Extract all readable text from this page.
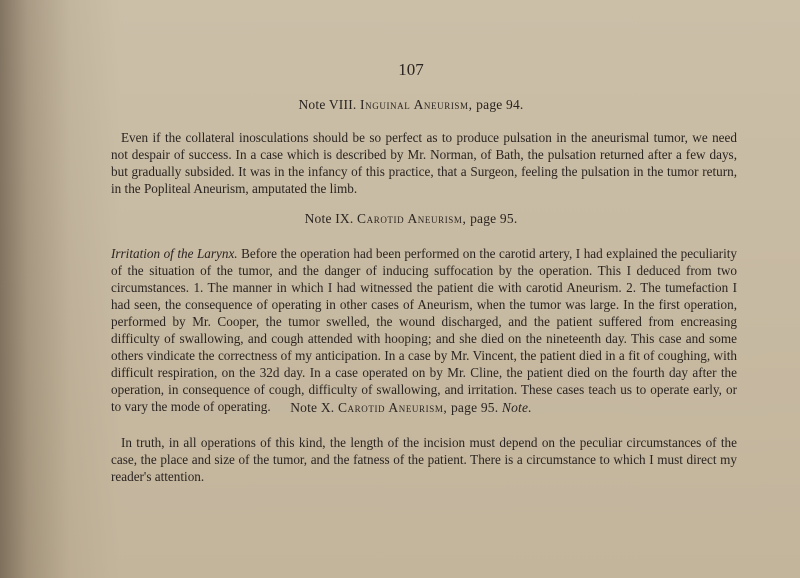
107
Note VIII. Inguinal Aneurism, page 94.
Even if the collateral inosculations should be so perfect as to produce pulsation in the aneurismal tumor, we need not despair of success. In a case which is described by Mr. Norman, of Bath, the pulsation returned after a few days, but gradually subsided. It was in the infancy of this practice, that a Surgeon, feeling the pulsation in the tumor return, in the Popliteal Aneurism, amputated the limb.
Note IX. Carotid Aneurism, page 95.
Irritation of the Larynx. Before the operation had been performed on the carotid artery, I had explained the peculiarity of the situation of the tumor, and the danger of inducing suffocation by the operation. This I deduced from two circumstances. 1. The manner in which I had witnessed the patient die with carotid Aneurism. 2. The tumefaction I had seen, the consequence of operating in other cases of Aneurism, when the tumor was large. In the first operation, performed by Mr. Cooper, the tumor swelled, the wound discharged, and the patient suffered from encreasing difficulty of swallowing, and cough attended with hooping; and she died on the nineteenth day. This case and some others vindicate the correctness of my anticipation. In a case by Mr. Vincent, the patient died in a fit of coughing, with difficult respiration, on the 32d day. In a case operated on by Mr. Cline, the patient died on the fourth day after the operation, in consequence of cough, difficulty of swallowing, and irritation. These cases teach us to operate early, or to vary the mode of operating.	Note X. Carotid Aneurism, page 95. Note.
In truth, in all operations of this kind, the length of the incision must depend on the peculiar circumstances of the case, the place and size of the tumor, and the fatness of the patient. There is a circumstance to which I must direct my reader's attention.
